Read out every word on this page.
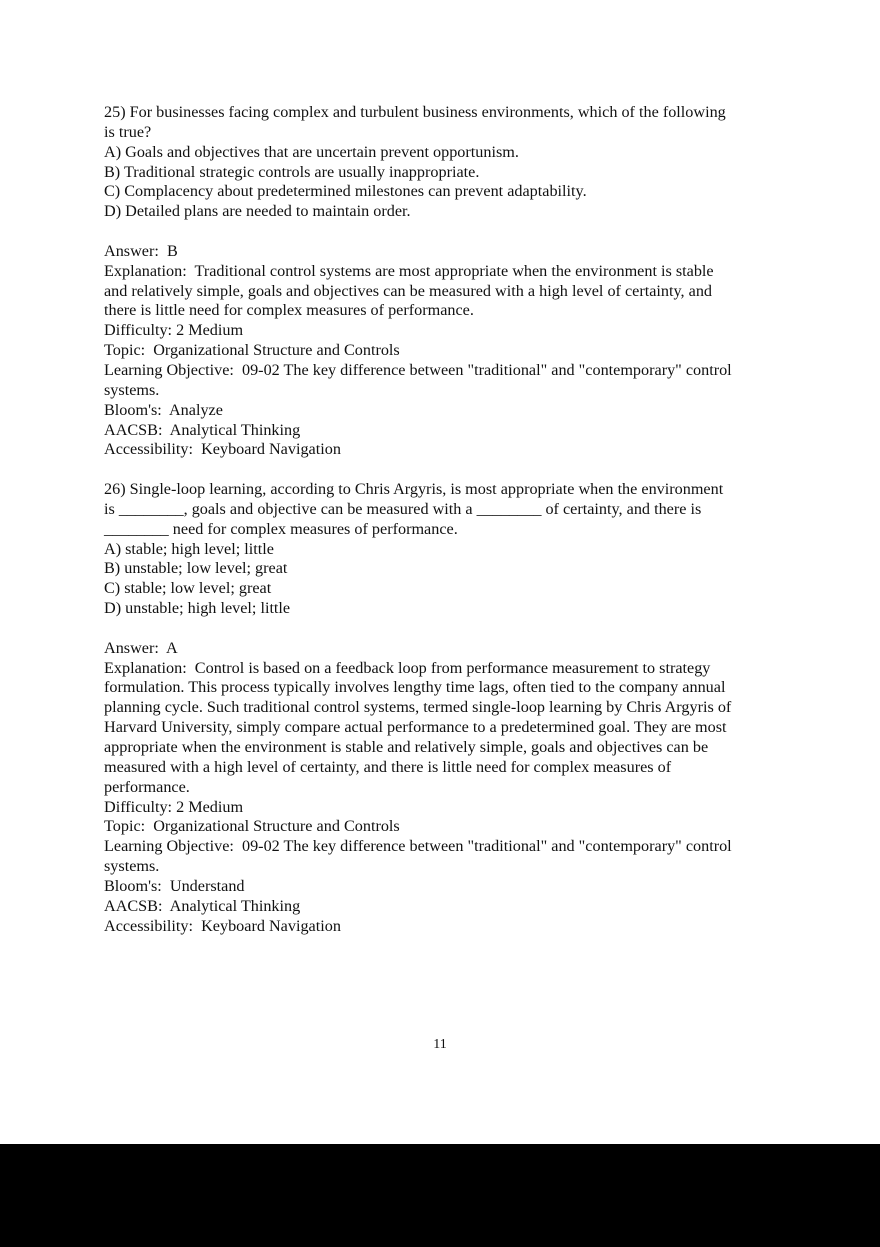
25) For businesses facing complex and turbulent business environments, which of the following
is true?
A) Goals and objectives that are uncertain prevent opportunism.
B) Traditional strategic controls are usually inappropriate.
C) Complacency about predetermined milestones can prevent adaptability.
D) Detailed plans are needed to maintain order.
Answer:  B
Explanation:  Traditional control systems are most appropriate when the environment is stable
and relatively simple, goals and objectives can be measured with a high level of certainty, and
there is little need for complex measures of performance.
Difficulty: 2 Medium
Topic:  Organizational Structure and Controls
Learning Objective:  09-02 The key difference between "traditional" and "contemporary" control
systems.
Bloom's:  Analyze
AACSB:  Analytical Thinking
Accessibility:  Keyboard Navigation
26) Single-loop learning, according to Chris Argyris, is most appropriate when the environment
is ________, goals and objective can be measured with a ________ of certainty, and there is
________ need for complex measures of performance.
A) stable; high level; little
B) unstable; low level; great
C) stable; low level; great
D) unstable; high level; little
Answer:  A
Explanation:  Control is based on a feedback loop from performance measurement to strategy
formulation. This process typically involves lengthy time lags, often tied to the company annual
planning cycle. Such traditional control systems, termed single-loop learning by Chris Argyris of
Harvard University, simply compare actual performance to a predetermined goal. They are most
appropriate when the environment is stable and relatively simple, goals and objectives can be
measured with a high level of certainty, and there is little need for complex measures of
performance.
Difficulty: 2 Medium
Topic:  Organizational Structure and Controls
Learning Objective:  09-02 The key difference between "traditional" and "contemporary" control
systems.
Bloom's:  Understand
AACSB:  Analytical Thinking
Accessibility:  Keyboard Navigation
11
